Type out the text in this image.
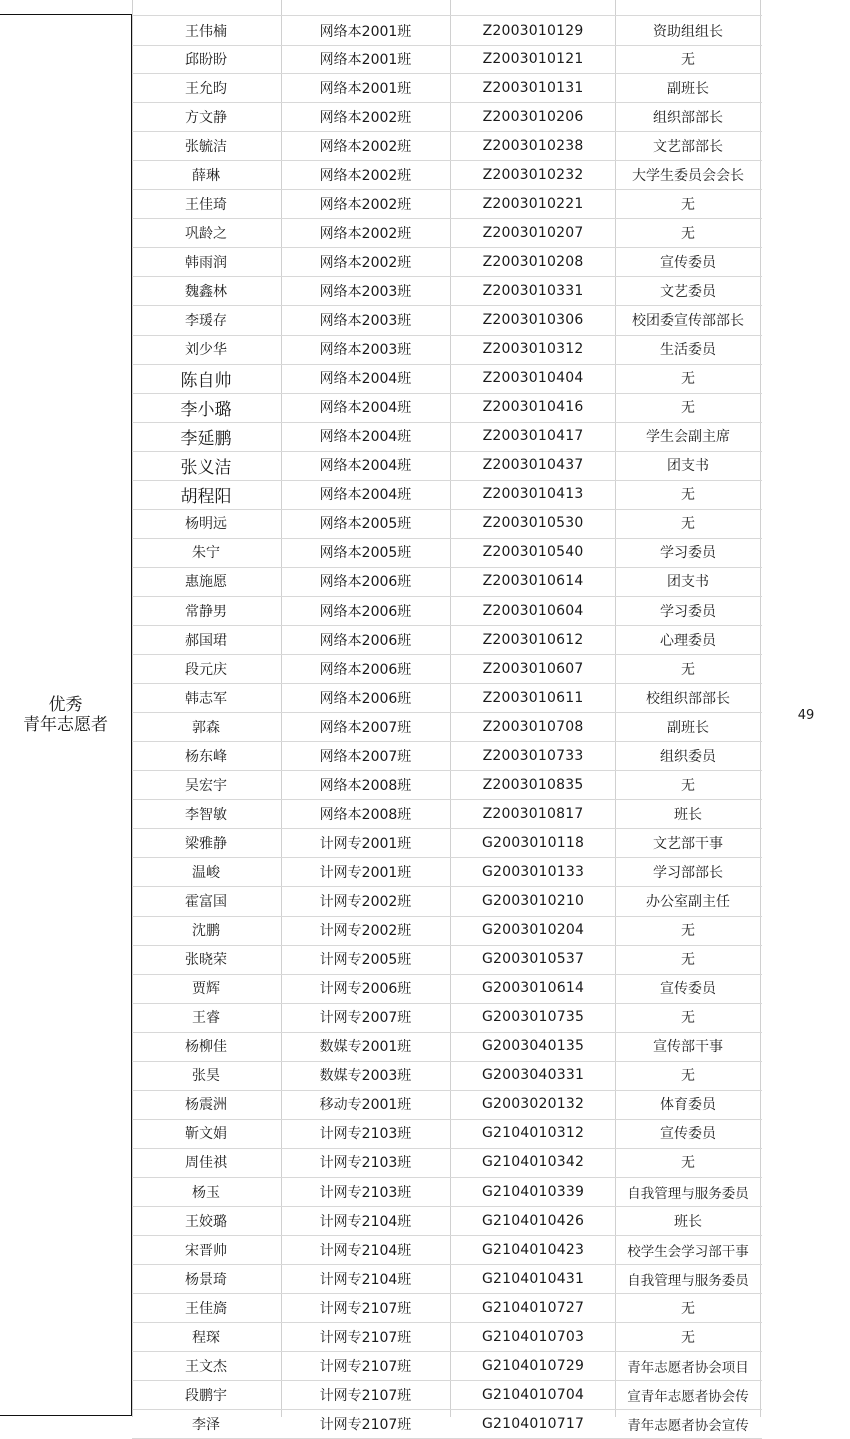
优秀
青年志愿者	49
王伟楠	网络本2001班	Z2003010129	资助组组长
邱盼盼	网络本2001班	Z2003010121	无
王允昀	网络本2001班	Z2003010131	副班长
方文静	网络本2002班	Z2003010206	组织部部长
张毓洁	网络本2002班	Z2003010238	文艺部部长
薛琳	网络本2002班	Z2003010232	大学生委员会会长
王佳琦	网络本2002班	Z2003010221	无
巩龄之	网络本2002班	Z2003010207	无
韩雨润	网络本2002班	Z2003010208	宣传委员
魏鑫林	网络本2003班	Z2003010331	文艺委员
李瑗存	网络本2003班	Z2003010306	校团委宣传部部长
刘少华	网络本2003班	Z2003010312	生活委员
陈自帅	网络本2004班	Z2003010404	无
李小璐	网络本2004班	Z2003010416	无
李延鹏	网络本2004班	Z2003010417	学生会副主席
张义洁	网络本2004班	Z2003010437	团支书
胡程阳	网络本2004班	Z2003010413	无
杨明远	网络本2005班	Z2003010530	无
朱宁	网络本2005班	Z2003010540	学习委员
惠施愿	网络本2006班	Z2003010614	团支书
常静男	网络本2006班	Z2003010604	学习委员
郝国珺	网络本2006班	Z2003010612	心理委员
段元庆	网络本2006班	Z2003010607	无
韩志军	网络本2006班	Z2003010611	校组织部部长
郭森	网络本2007班	Z2003010708	副班长
杨东峰	网络本2007班	Z2003010733	组织委员
吴宏宇	网络本2008班	Z2003010835	无
李智敏	网络本2008班	Z2003010817	班长
梁雅静	计网专2001班	G2003010118	文艺部干事
温峻	计网专2001班	G2003010133	学习部部长
霍富国	计网专2002班	G2003010210	办公室副主任
沈鹏	计网专2002班	G2003010204	无
张晓荣	计网专2005班	G2003010537	无
贾辉	计网专2006班	G2003010614	宣传委员
王睿	计网专2007班	G2003010735	无
杨柳佳	数媒专2001班	G2003040135	宣传部干事
张昊	数媒专2003班	G2003040331	无
杨震洲	移动专2001班	G2003020132	体育委员
靳文娟	计网专2103班	G2104010312	宣传委员
周佳祺	计网专2103班	G2104010342	无
杨玉	计网专2103班	G2104010339	自我管理与服务委员
王姣璐	计网专2104班	G2104010426	班长
宋晋帅	计网专2104班	G2104010423	校学生会学习部干事
杨景琦	计网专2104班	G2104010431	自我管理与服务委员
王佳旖	计网专2107班	G2104010727	无
程琛	计网专2107班	G2104010703	无
王文杰	计网专2107班	G2104010729	青年志愿者协会项目
段鹏宇	计网专2107班	G2104010704	宣青年志愿者协会传
李泽	计网专2107班	G2104010717	青年志愿者协会宣传
